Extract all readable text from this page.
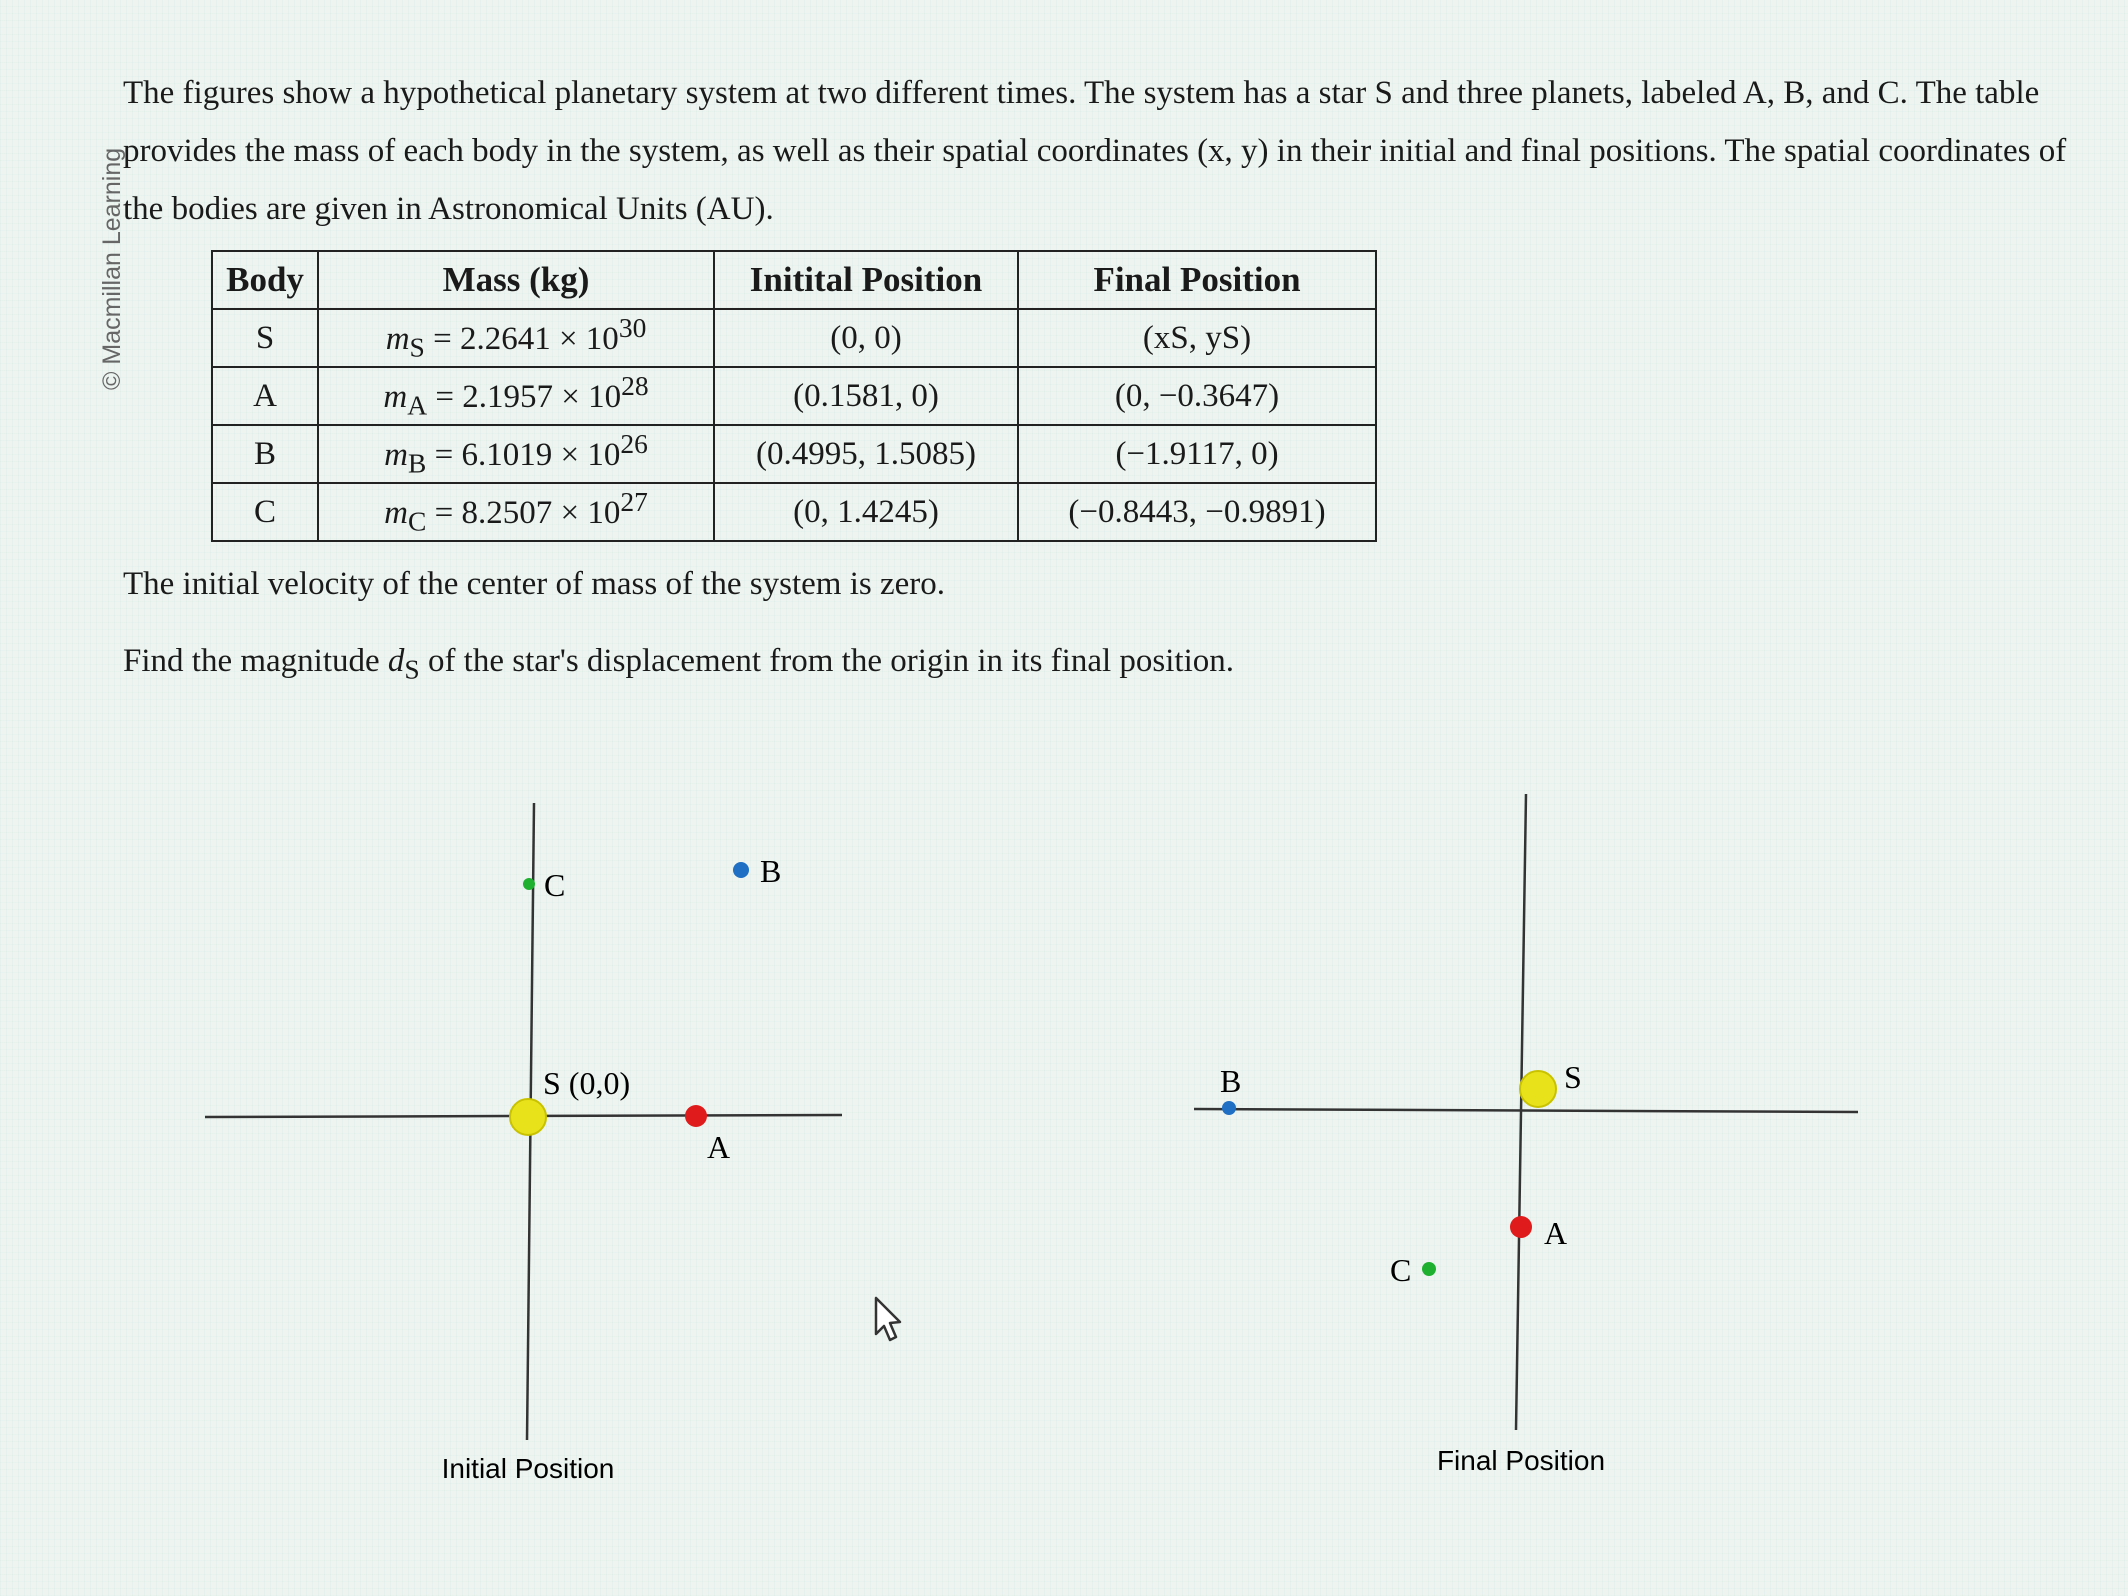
© Macmillan Learning
The figures show a hypothetical planetary system at two different times. The system has a star S and three planets, labeled A, B, and C. The table provides the mass of each body in the system, as well as their spatial coordinates (x, y) in their initial and final positions. The spatial coordinates of the bodies are given in Astronomical Units (AU).
Body	Mass (kg)	Initital Position	Final Position
S	$m_S = 2.2641 \times 10^{30}$	(0, 0)	(xS, yS)
A	$m_A = 2.1957 \times 10^{28}$	(0.1581, 0)	(0, −0.3647)
B	$m_B = 6.1019 \times 10^{26}$	(0.4995, 1.5085)	(−1.9117, 0)
C	$m_C = 8.2507 \times 10^{27}$	(0, 1.4245)	(−0.8443, −0.9891)
The initial velocity of the center of mass of the system is zero.
Find the magnitude $d_S$ of the star's displacement from the origin in its final position.
C	B
S (0,0)
A
Initial Position
B	S
A
C
Final Position
